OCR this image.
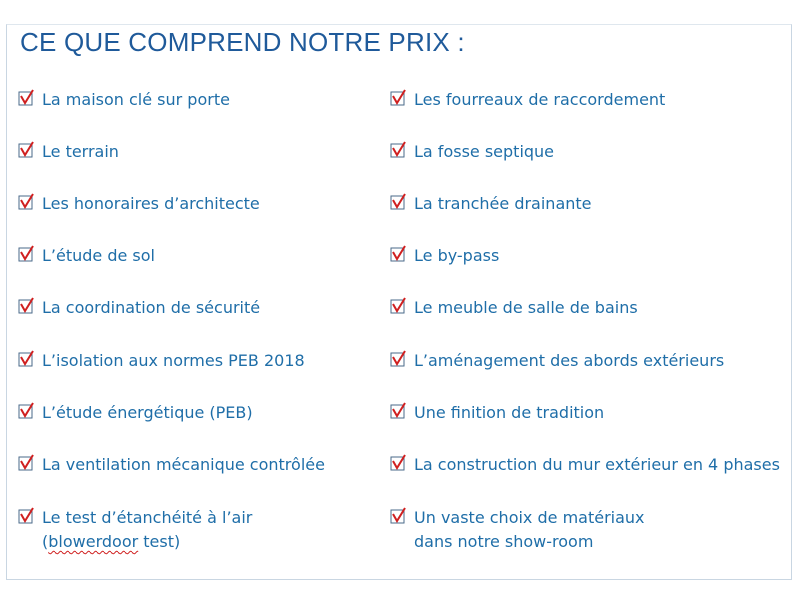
CE QUE COMPREND NOTRE PRIX :
La maison clé sur porte
Le terrain
Les honoraires d’architecte
L’étude de sol
La coordination de sécurité
L’isolation aux normes PEB 2018
L’étude énergétique (PEB)
La ventilation mécanique contrôlée
Le test d’étanchéité à l’air
(blowerdoor test)
Les fourreaux de raccordement
La fosse septique
La tranchée drainante
Le by-pass
Le meuble de salle de bains
L’aménagement des abords extérieurs
Une finition de tradition
La construction du mur extérieur en 4 phases
Un vaste choix de matériaux
dans notre show-room
